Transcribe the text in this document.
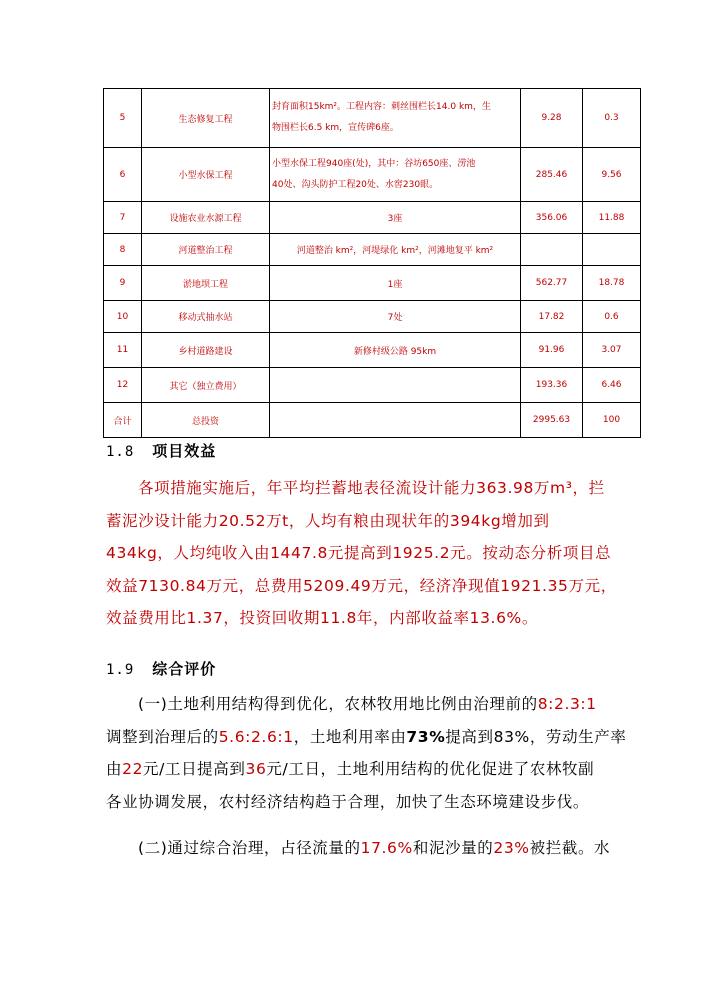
5	生态修复工程	封育面积15km²。工程内容：刺丝围栏长14.0 km，生
物围栏长6.5 km，宣传碑6座。	9.28	0.3
6	小型水保工程	小型水保工程940座(处)，其中：谷坊650座、涝池
40处、沟头防护工程20处、水窖230眼。	285.46	9.56
7	设施农业水源工程	3座	356.06	11.88
8	河道整治工程	河道整治 km²，河堤绿化 km²，河滩地复平 km²		
9	淤地坝工程	1座	562.77	18.78
10	移动式抽水站	7处	17.82	0.6
11	乡村道路建设	新修村级公路 95km	91.96	3.07
12	其它（独立费用）		193.36	6.46
合计	总投资		2995.63	100
1.8 项目效益
各项措施实施后，年平均拦蓄地表径流设计能力363.98万m³，拦
蓄泥沙设计能力20.52万t，人均有粮由现状年的394kg增加到
434kg，人均纯收入由1447.8元提高到1925.2元。按动态分析项目总
效益7130.84万元，总费用5209.49万元，经济净现值1921.35万元，
效益费用比1.37，投资回收期11.8年，内部收益率13.6%。
1.9 综合评价
(一)土地利用结构得到优化，农林牧用地比例由治理前的8:2.3:1
调整到治理后的5.6:2.6:1，土地利用率由73%提高到83%，劳动生产率
由22元/工日提高到36元/工日，土地利用结构的优化促进了农林牧副
各业协调发展，农村经济结构趋于合理，加快了生态环境建设步伐。
(二)通过综合治理，占径流量的17.6%和泥沙量的23%被拦截。水
